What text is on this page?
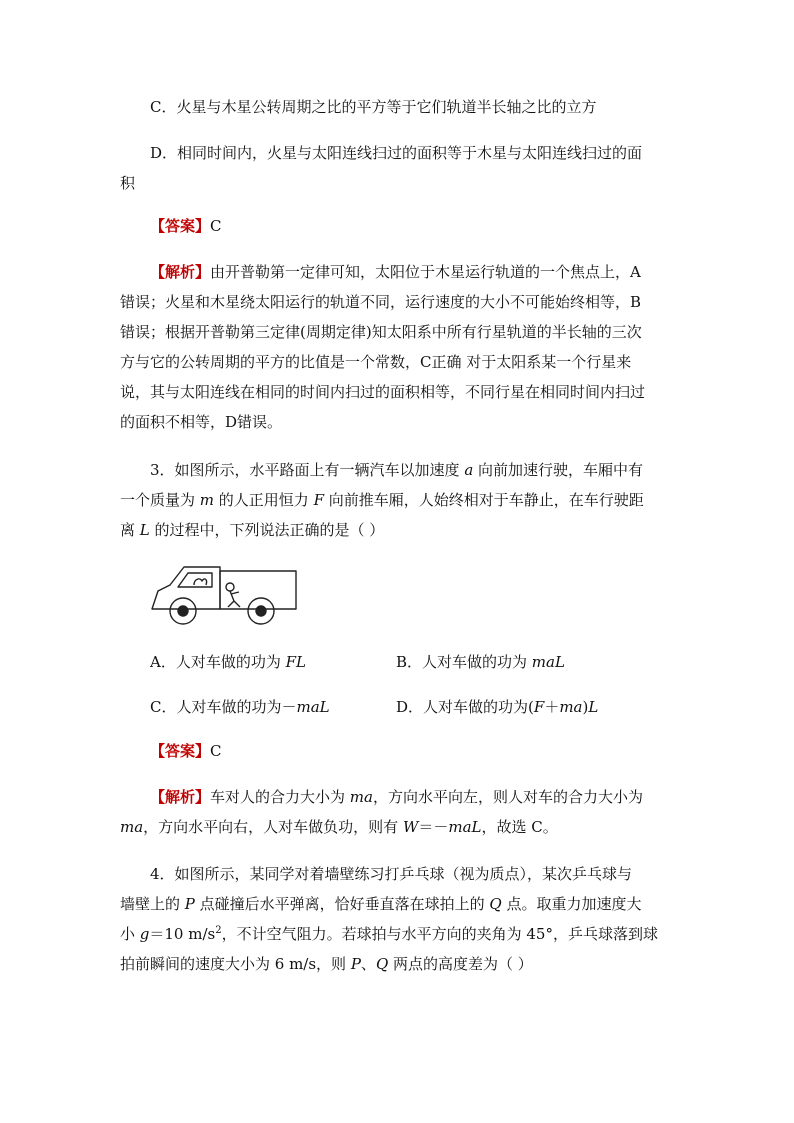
C．火星与木星公转周期之比的平方等于它们轨道半长轴之比的立方
D．相同时间内，火星与太阳连线扫过的面积等于木星与太阳连线扫过的面
积
【答案】C
【解析】由开普勒第一定律可知，太阳位于木星运行轨道的一个焦点上，A
错误；火星和木星绕太阳运行的轨道不同，运行速度的大小不可能始终相等，B
错误；根据开普勒第三定律(周期定律)知太阳系中所有行星轨道的半长轴的三次
方与它的公转周期的平方的比值是一个常数，C正确 对于太阳系某一个行星来
说，其与太阳连线在相同的时间内扫过的面积相等，不同行星在相同时间内扫过
的面积不相等，D错误。
3．如图所示，水平路面上有一辆汽车以加速度 a 向前加速行驶，车厢中有
一个质量为 m 的人正用恒力 F 向前推车厢，人始终相对于车静止，在车行驶距
离 L 的过程中，下列说法正确的是（ ）
A．人对车做的功为 FL	B．人对车做的功为 maL
C．人对车做的功为－maL	D．人对车做的功为(F＋ma)L
【答案】C
【解析】车对人的合力大小为 ma，方向水平向左，则人对车的合力大小为
ma，方向水平向右，人对车做负功，则有 W＝－maL，故选 C。
4．如图所示，某同学对着墙壁练习打乒乓球（视为质点），某次乒乓球与
墙壁上的 P 点碰撞后水平弹离，恰好垂直落在球拍上的 Q 点。取重力加速度大
小 g＝10 $m/s^2$，不计空气阻力。若球拍与水平方向的夹角为 45°，乒乓球落到球
拍前瞬间的速度大小为 6 m/s，则 P、Q 两点的高度差为（ ）
